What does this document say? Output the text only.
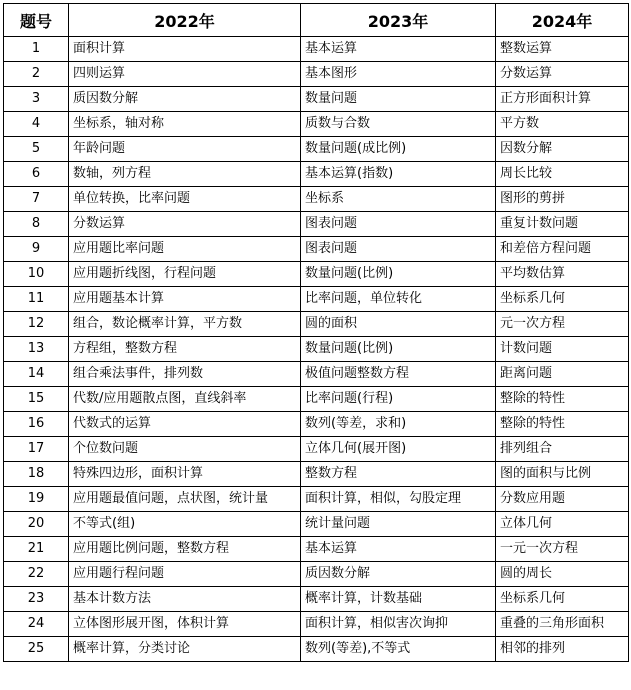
题号	2022年	2023年	2024年
1	面积计算	基本运算	整数运算
2	四则运算	基本图形	分数运算
3	质因数分解	数量问题	正方形面积计算
4	坐标系，轴对称	质数与合数	平方数
5	年龄问题	数量问题(成比例)	因数分解
6	数轴，列方程	基本运算(指数)	周长比较
7	单位转换，比率问题	坐标系	图形的剪拼
8	分数运算	图表问题	重复计数问题
9	应用题比率问题	图表问题	和差倍方程问题
10	应用题折线图，行程问题	数量问题(比例)	平均数估算
11	应用题基本计算	比率问题，单位转化	坐标系几何
12	组合，数论概率计算，平方数	圆的面积	元一次方程
13	方程组，整数方程	数量问题(比例)	计数问题
14	组合乘法事件，排列数	极值问题整数方程	距离问题
15	代数/应用题散点图，直线斜率	比率问题(行程)	整除的特性
16	代数式的运算	数列(等差，求和)	整除的特性
17	个位数问题	立体几何(展开图)	排列组合
18	特殊四边形，面积计算	整数方程	图的面积与比例
19	应用题最值问题，点状图，统计量	面积计算，相似，勾股定理	分数应用题
20	不等式(组)	统计量问题	立体几何
21	应用题比例问题，整数方程	基本运算	一元一次方程
22	应用题行程问题	质因数分解	圆的周长
23	基本计数方法	概率计算，计数基础	坐标系几何
24	立体图形展开图，体积计算	面积计算，相似害次询抑	重叠的三角形面积
25	概率计算，分类讨论	数列(等差),不等式	相邻的排列
